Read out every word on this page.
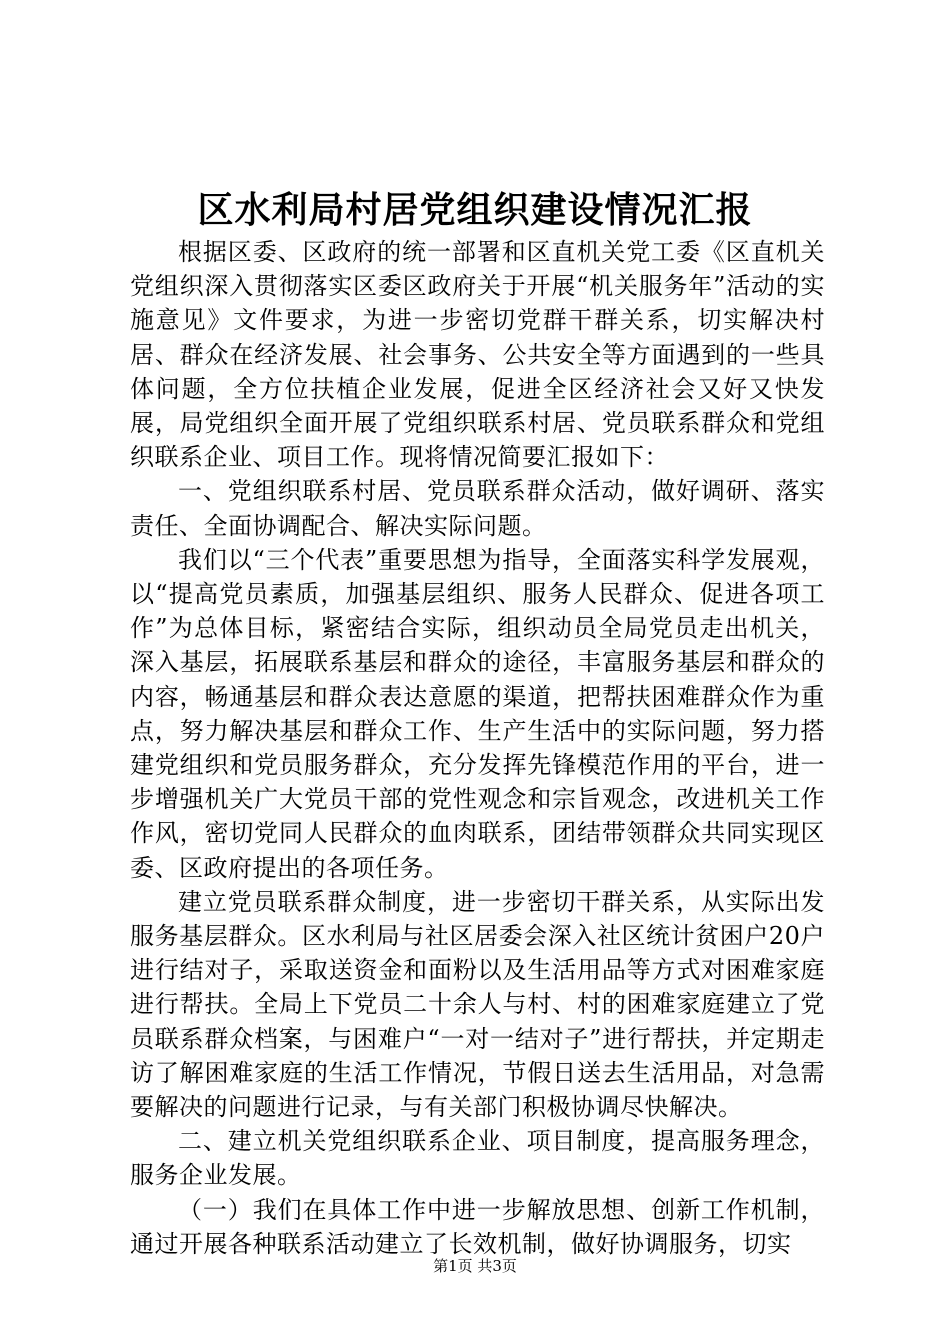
区水利局村居党组织建设情况汇报

根据区委、区政府的统一部署和区直机关党工委《区直机关党组织深入贯彻落实区委区政府关于开展“机关服务年”活动的实施意见》文件要求，为进一步密切党群干群关系，切实解决村居、群众在经济发展、社会事务、公共安全等方面遇到的一些具体问题，全方位扶植企业发展，促进全区经济社会又好又快发展，局党组织全面开展了党组织联系村居、党员联系群众和党组织联系企业、项目工作。现将情况简要汇报如下：

一、党组织联系村居、党员联系群众活动，做好调研、落实责任、全面协调配合、解决实际问题。

我们以“三个代表”重要思想为指导，全面落实科学发展观，以“提高党员素质，加强基层组织、服务人民群众、促进各项工作”为总体目标，紧密结合实际，组织动员全局党员走出机关，深入基层，拓展联系基层和群众的途径，丰富服务基层和群众的内容，畅通基层和群众表达意愿的渠道，把帮扶困难群众作为重点，努力解决基层和群众工作、生产生活中的实际问题，努力搭建党组织和党员服务群众，充分发挥先锋模范作用的平台，进一步增强机关广大党员干部的党性观念和宗旨观念，改进机关工作作风，密切党同人民群众的血肉联系，团结带领群众共同实现区委、区政府提出的各项任务。

建立党员联系群众制度，进一步密切干群关系，从实际出发服务基层群众。区水利局与社区居委会深入社区统计贫困户20户进行结对子，采取送资金和面粉以及生活用品等方式对困难家庭进行帮扶。全局上下党员二十余人与村、村的困难家庭建立了党员联系群众档案，与困难户“一对一结对子”进行帮扶，并定期走访了解困难家庭的生活工作情况，节假日送去生活用品，对急需要解决的问题进行记录，与有关部门积极协调尽快解决。

二、建立机关党组织联系企业、项目制度，提高服务理念，服务企业发展。

（一）我们在具体工作中进一步解放思想、创新工作机制，通过开展各种联系活动建立了长效机制，做好协调服务，切实

第1页 共3页
